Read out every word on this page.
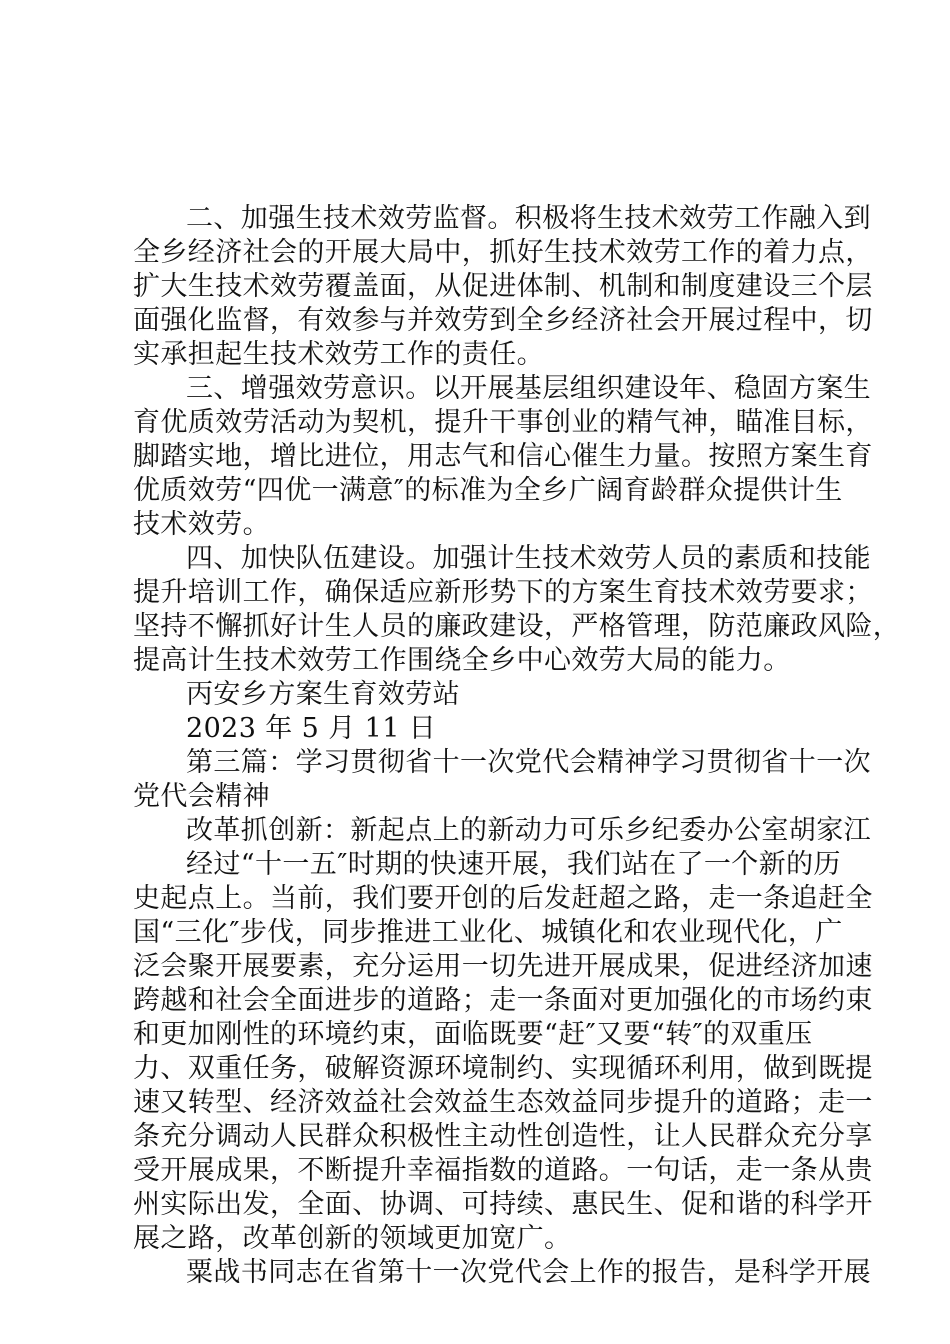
二、加强生技术效劳监督。积极将生技术效劳工作融入到
全乡经济社会的开展大局中，抓好生技术效劳工作的着力点，
扩大生技术效劳覆盖面，从促进体制、机制和制度建设三个层
面强化监督，有效参与并效劳到全乡经济社会开展过程中，切
实承担起生技术效劳工作的责任。
三、增强效劳意识。以开展基层组织建设年、稳固方案生
育优质效劳活动为契机，提升干事创业的精气神，瞄准目标，
脚踏实地，增比进位，用志气和信心催生力量。按照方案生育
优质效劳“四优一满意″的标准为全乡广阔育龄群众提供计生
技术效劳。
四、加快队伍建设。加强计生技术效劳人员的素质和技能
提升培训工作，确保适应新形势下的方案生育技术效劳要求；
坚持不懈抓好计生人员的廉政建设，严格管理，防范廉政风险，
提高计生技术效劳工作围绕全乡中心效劳大局的能力。
丙安乡方案生育效劳站
2023 年 5 月 11 日
第三篇：学习贯彻省十一次党代会精神学习贯彻省十一次
党代会精神
改革抓创新：新起点上的新动力可乐乡纪委办公室胡家江
经过“十一五″时期的快速开展，我们站在了一个新的历
史起点上。当前，我们要开创的后发赶超之路，走一条追赶全
国“三化″步伐，同步推进工业化、城镇化和农业现代化，广
泛会聚开展要素，充分运用一切先进开展成果，促进经济加速
跨越和社会全面进步的道路；走一条面对更加强化的市场约束
和更加刚性的环境约束，面临既要“赶″又要“转″的双重压
力、双重任务，破解资源环境制约、实现循环利用，做到既提
速又转型、经济效益社会效益生态效益同步提升的道路；走一
条充分调动人民群众积极性主动性创造性，让人民群众充分享
受开展成果，不断提升幸福指数的道路。一句话，走一条从贵
州实际出发，全面、协调、可持续、惠民生、促和谐的科学开
展之路，改革创新的领域更加宽广。
粟战书同志在省第十一次党代会上作的报告，是科学开展
